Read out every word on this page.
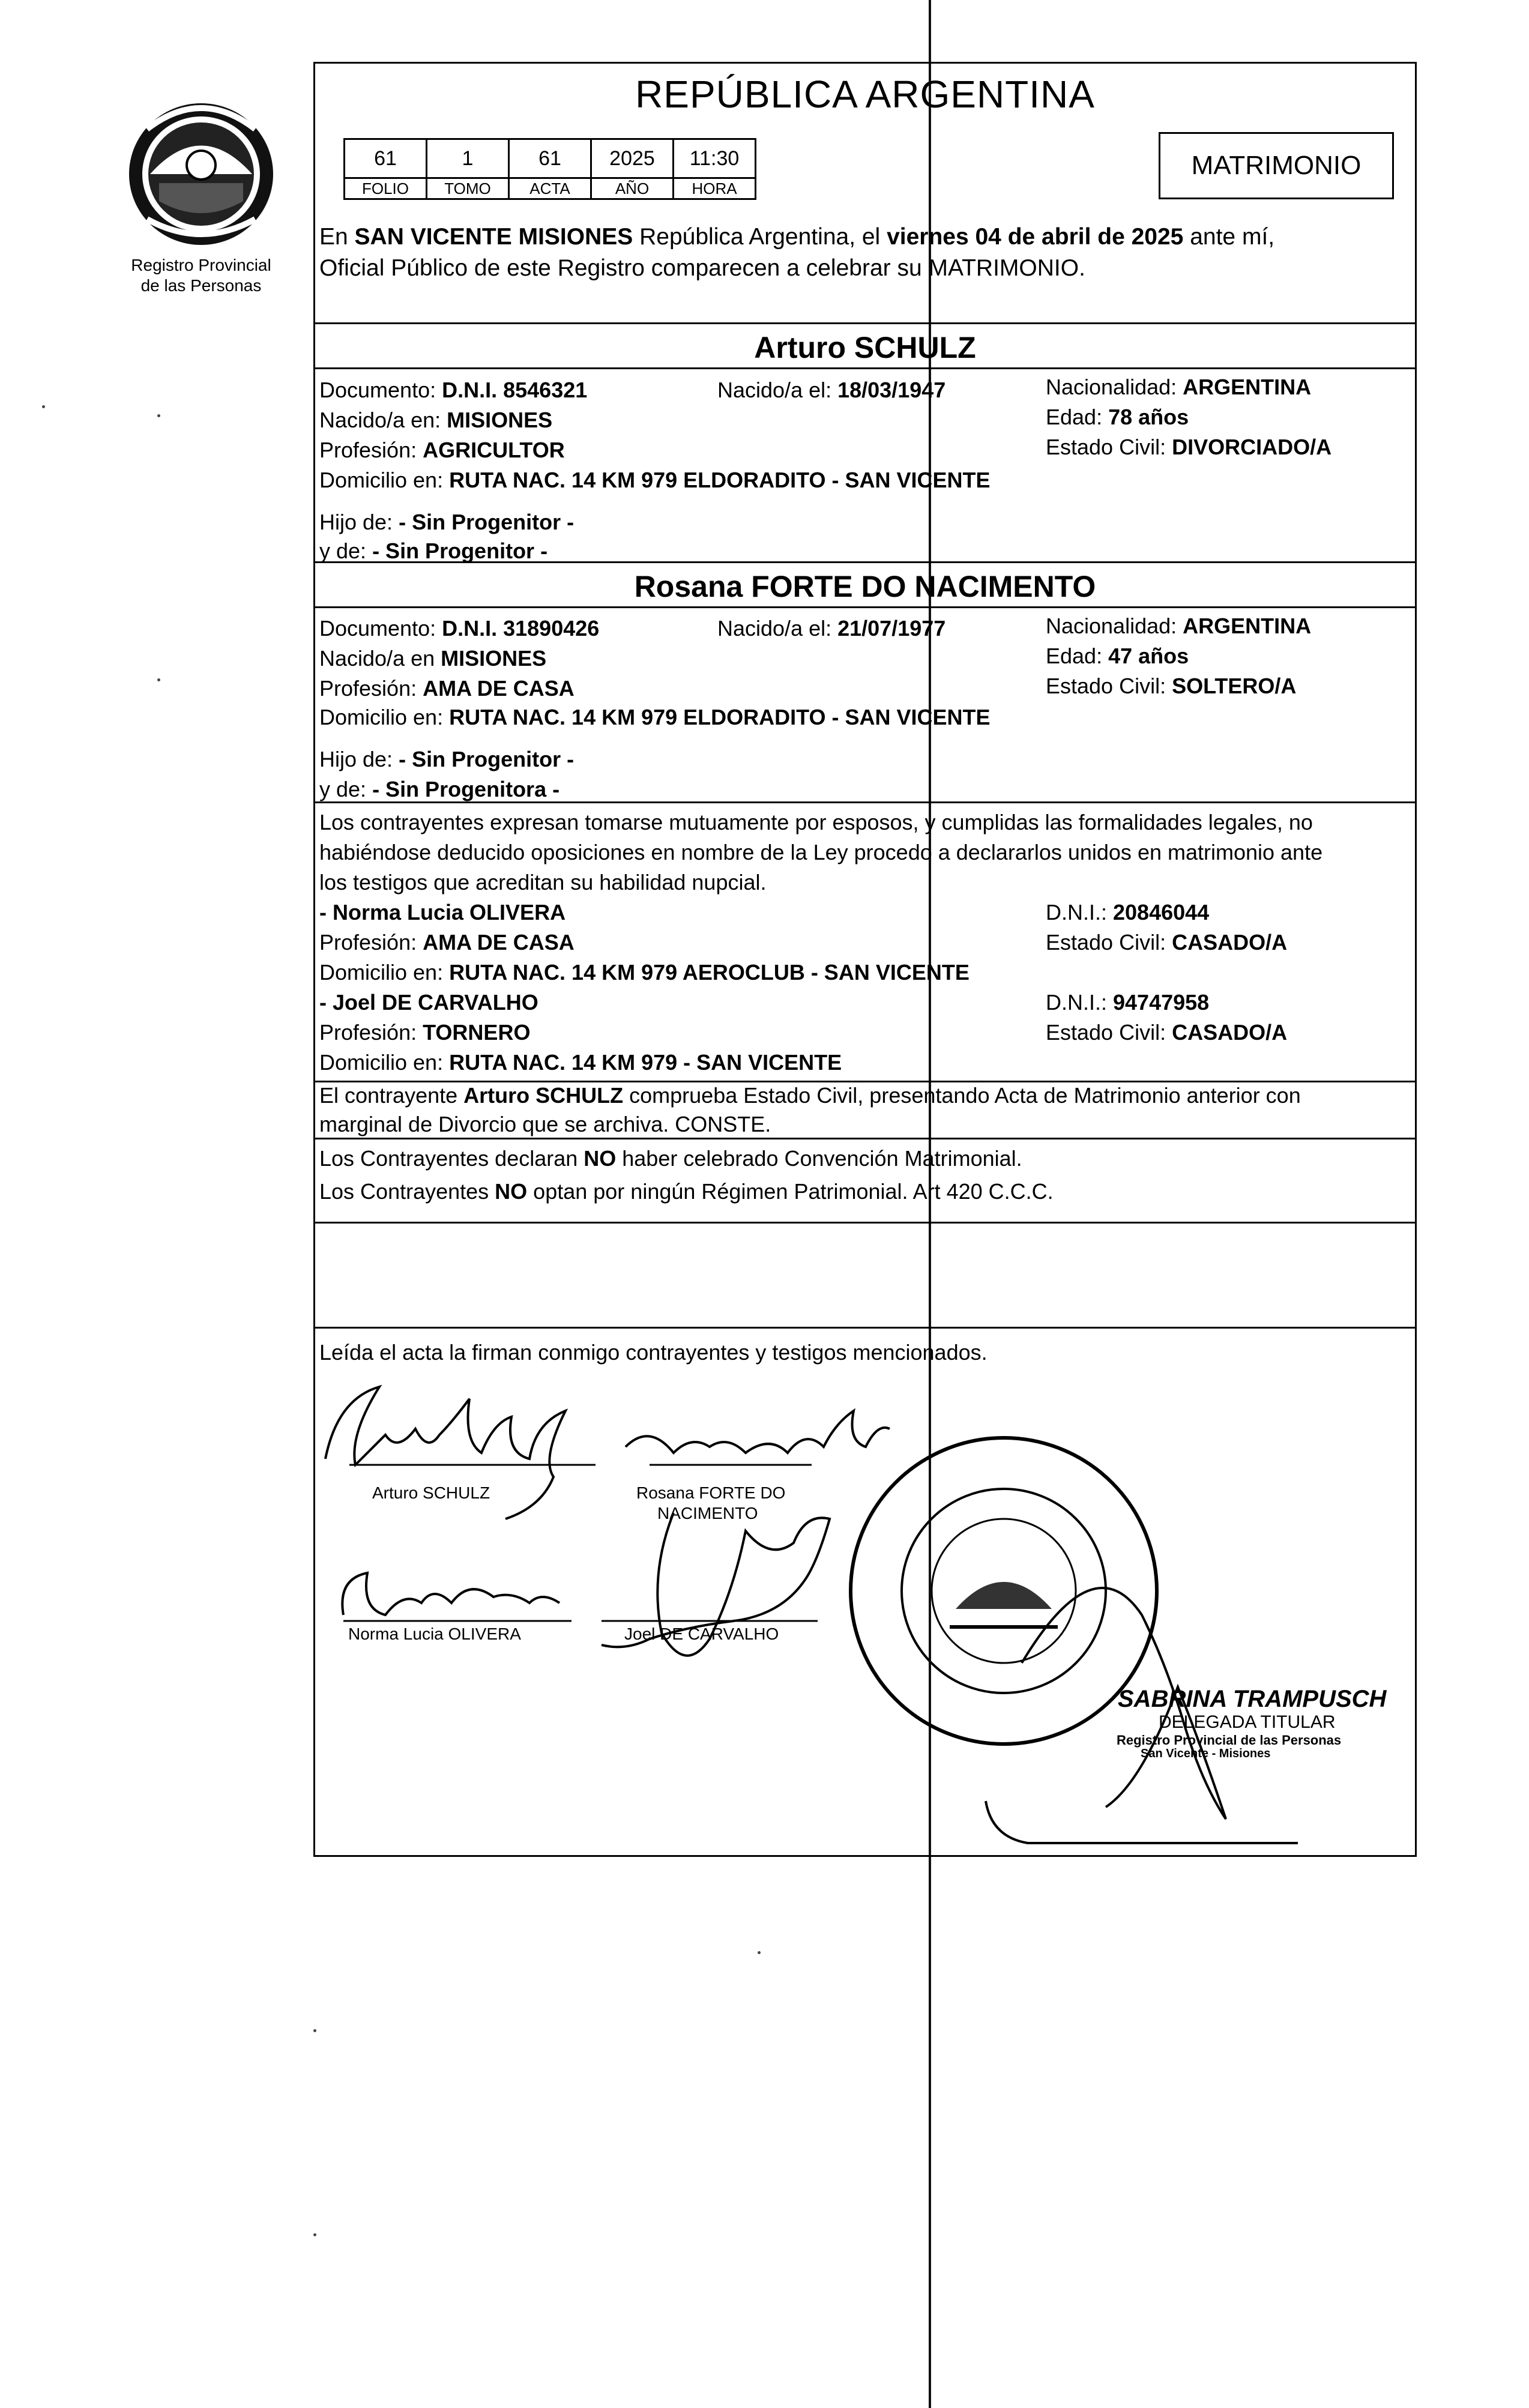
Registro Provincial
de las Personas
REPÚBLICA ARGENTINA
61	1	61	2025	11:30
FOLIO	TOMO	ACTA	AÑO	HORA
MATRIMONIO
En SAN VICENTE MISIONES República Argentina, el viernes 04 de abril de 2025 ante mí,
Oficial Público de este Registro comparecen a celebrar su MATRIMONIO.
Arturo SCHULZ
Documento: D.N.I. 8546321	Nacido/a el: 18/03/1947	Nacionalidad: ARGENTINA
Nacido/a en: MISIONES	Edad: 78 años
Profesión: AGRICULTOR	Estado Civil: DIVORCIADO/A
Domicilio en: RUTA NAC. 14 KM 979 ELDORADITO - SAN VICENTE
Hijo de: - Sin Progenitor -
y de: - Sin Progenitor -
Rosana FORTE DO NACIMENTO
Documento: D.N.I. 31890426	Nacido/a el: 21/07/1977	Nacionalidad: ARGENTINA
Nacido/a en MISIONES	Edad: 47 años
Profesión: AMA DE CASA	Estado Civil: SOLTERO/A
Domicilio en: RUTA NAC. 14 KM 979 ELDORADITO - SAN VICENTE
Hijo de: - Sin Progenitor -
y de: - Sin Progenitora -
Los contrayentes expresan tomarse mutuamente por esposos, y cumplidas las formalidades legales, no
habiéndose deducido oposiciones en nombre de la Ley procedo a declararlos unidos en matrimonio ante
los testigos que acreditan su habilidad nupcial.
- Norma Lucia OLIVERA	D.N.I.: 20846044
Profesión: AMA DE CASA	Estado Civil: CASADO/A
Domicilio en: RUTA NAC. 14 KM 979 AEROCLUB - SAN VICENTE
- Joel DE CARVALHO	D.N.I.: 94747958
Profesión: TORNERO	Estado Civil: CASADO/A
Domicilio en: RUTA NAC. 14 KM 979 - SAN VICENTE
El contrayente Arturo SCHULZ comprueba Estado Civil, presentando Acta de Matrimonio anterior con
marginal de Divorcio que se archiva. CONSTE.
Los Contrayentes declaran NO haber celebrado Convención Matrimonial.
Los Contrayentes NO optan por ningún Régimen Patrimonial. Art 420 C.C.C.
Leída el acta la firman conmigo contrayentes y testigos mencionados.
Arturo SCHULZ	Rosana FORTE DO
NACIMENTO
Norma Lucia OLIVERA	Joel DE CARVALHO
SABRINA TRAMPUSCH
DELEGADA TITULAR
Registro Provincial de las Personas
San Vicente - Misiones
